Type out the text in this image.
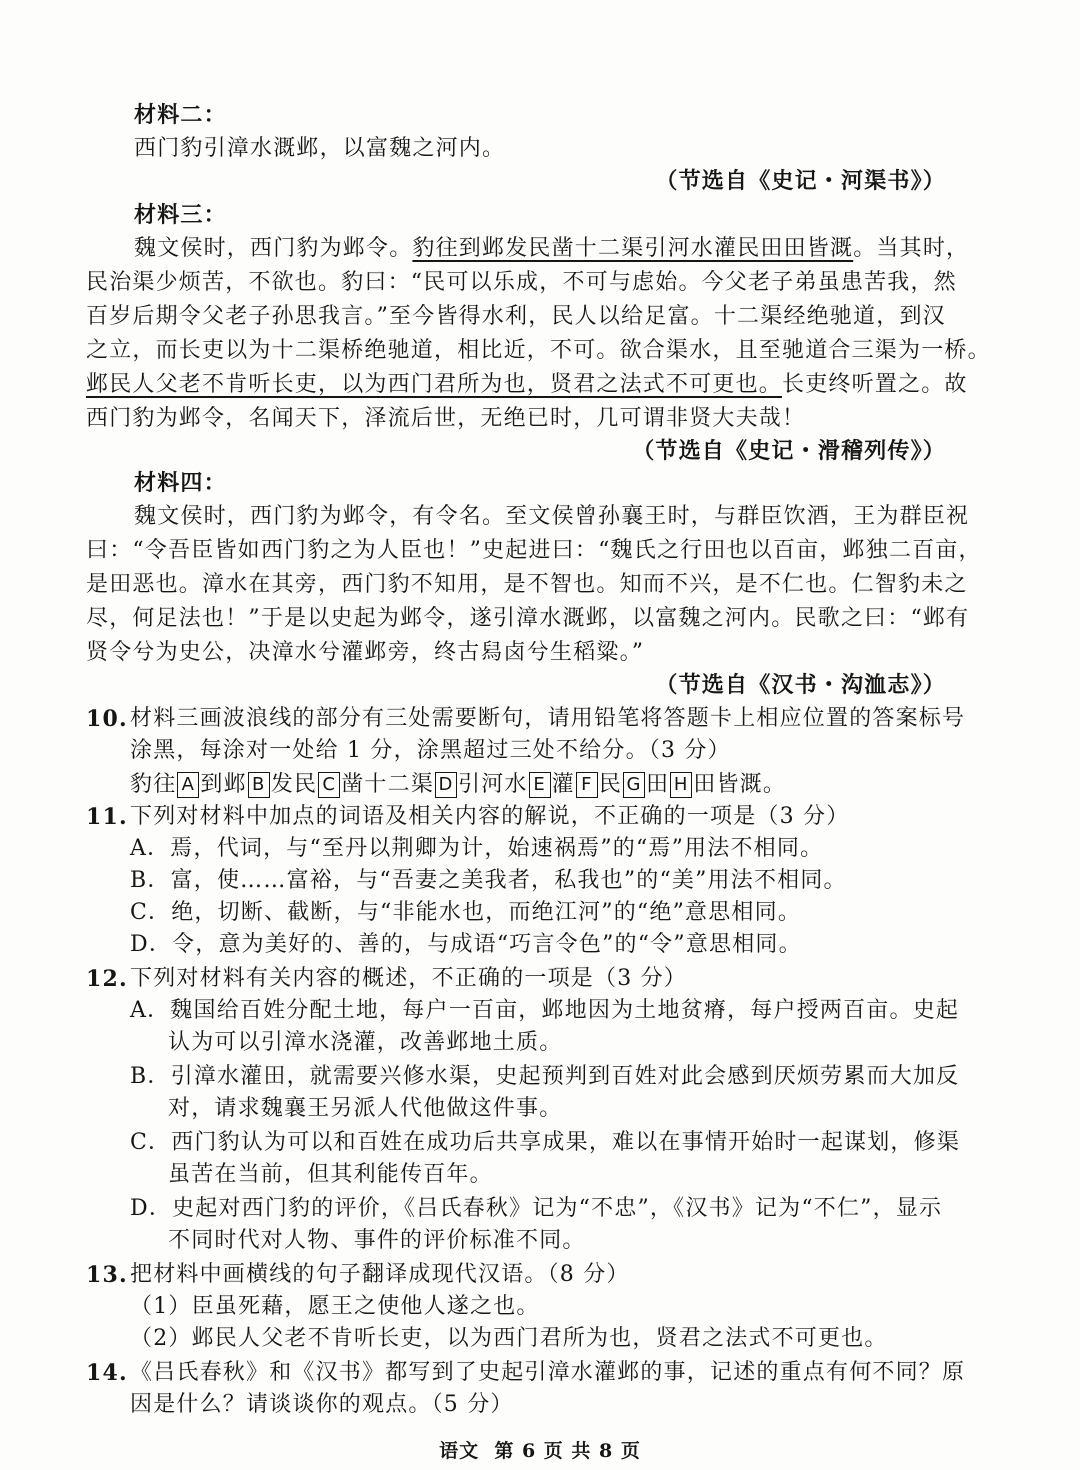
材料二：
西门豹引漳水溉邺，以富魏之河内。
（节选自《史记・河渠书》）
材料三：
魏文侯时，西门豹为邺令。豹往到邺发民凿十二渠引河水灌民田田皆溉。当其时，
民治渠少烦苦，不欲也。豹曰：“民可以乐成，不可与虑始。今父老子弟虽患苦我，然
百岁后期令父老子孙思我言。”至今皆得水利，民人以给足富。十二渠经绝驰道，到汉
之立，而长吏以为十二渠桥绝驰道，相比近，不可。欲合渠水，且至驰道合三渠为一桥。
邺民人父老不肯听长吏，以为西门君所为也，贤君之法式不可更也。长吏终听置之。故
西门豹为邺令，名闻天下，泽流后世，无绝已时，几可谓非贤大夫哉！
（节选自《史记・滑稽列传》）
材料四：
魏文侯时，西门豹为邺令，有令名。至文侯曾孙襄王时，与群臣饮酒，王为群臣祝
曰：“令吾臣皆如西门豹之为人臣也！”史起进曰：“魏氏之行田也以百亩，邺独二百亩，
是田恶也。漳水在其旁，西门豹不知用，是不智也。知而不兴，是不仁也。仁智豹未之
尽，何足法也！”于是以史起为邺令，遂引漳水溉邺，以富魏之河内。民歌之曰：“邺有
贤令兮为史公，决漳水兮灌邺旁，终古舄卤兮生稻粱。”
（节选自《汉书・沟洫志》）
10. 材料三画波浪线的部分有三处需要断句，请用铅笔将答题卡上相应位置的答案标号
涂黑，每涂对一处给 1 分，涂黑超过三处不给分。（3 分）
豹往 A 到邺 B 发民 C 凿十二渠 D 引河水 E 灌 F 民 G 田 H 田皆溉。
11. 下列对材料中加点的词语及相关内容的解说，不正确的一项是（3 分）
A．焉，代词，与“至丹以荆卿为计，始速祸焉”的“焉”用法不相同。
B．富，使……富裕，与“吾妻之美我者，私我也”的“美”用法不相同。
C．绝，切断、截断，与“非能水也，而绝江河”的“绝”意思相同。
D．令，意为美好的、善的，与成语“巧言令色”的“令”意思相同。
12. 下列对材料有关内容的概述，不正确的一项是（3 分）
A．魏国给百姓分配土地，每户一百亩，邺地因为土地贫瘠，每户授两百亩。史起
认为可以引漳水浇灌，改善邺地土质。
B．引漳水灌田，就需要兴修水渠，史起预判到百姓对此会感到厌烦劳累而大加反
对，请求魏襄王另派人代他做这件事。
C．西门豹认为可以和百姓在成功后共享成果，难以在事情开始时一起谋划，修渠
虽苦在当前，但其利能传百年。
D．史起对西门豹的评价，《吕氏春秋》记为“不忠”，《汉书》记为“不仁”，显示
不同时代对人物、事件的评价标准不同。
13. 把材料中画横线的句子翻译成现代汉语。（8 分）
（1）臣虽死藉，愿王之使他人遂之也。
（2）邺民人父老不肯听长吏，以为西门君所为也，贤君之法式不可更也。
14. 《吕氏春秋》和《汉书》都写到了史起引漳水灌邺的事，记述的重点有何不同？原
因是什么？请谈谈你的观点。（5 分）
语文  第 6 页 共 8 页
